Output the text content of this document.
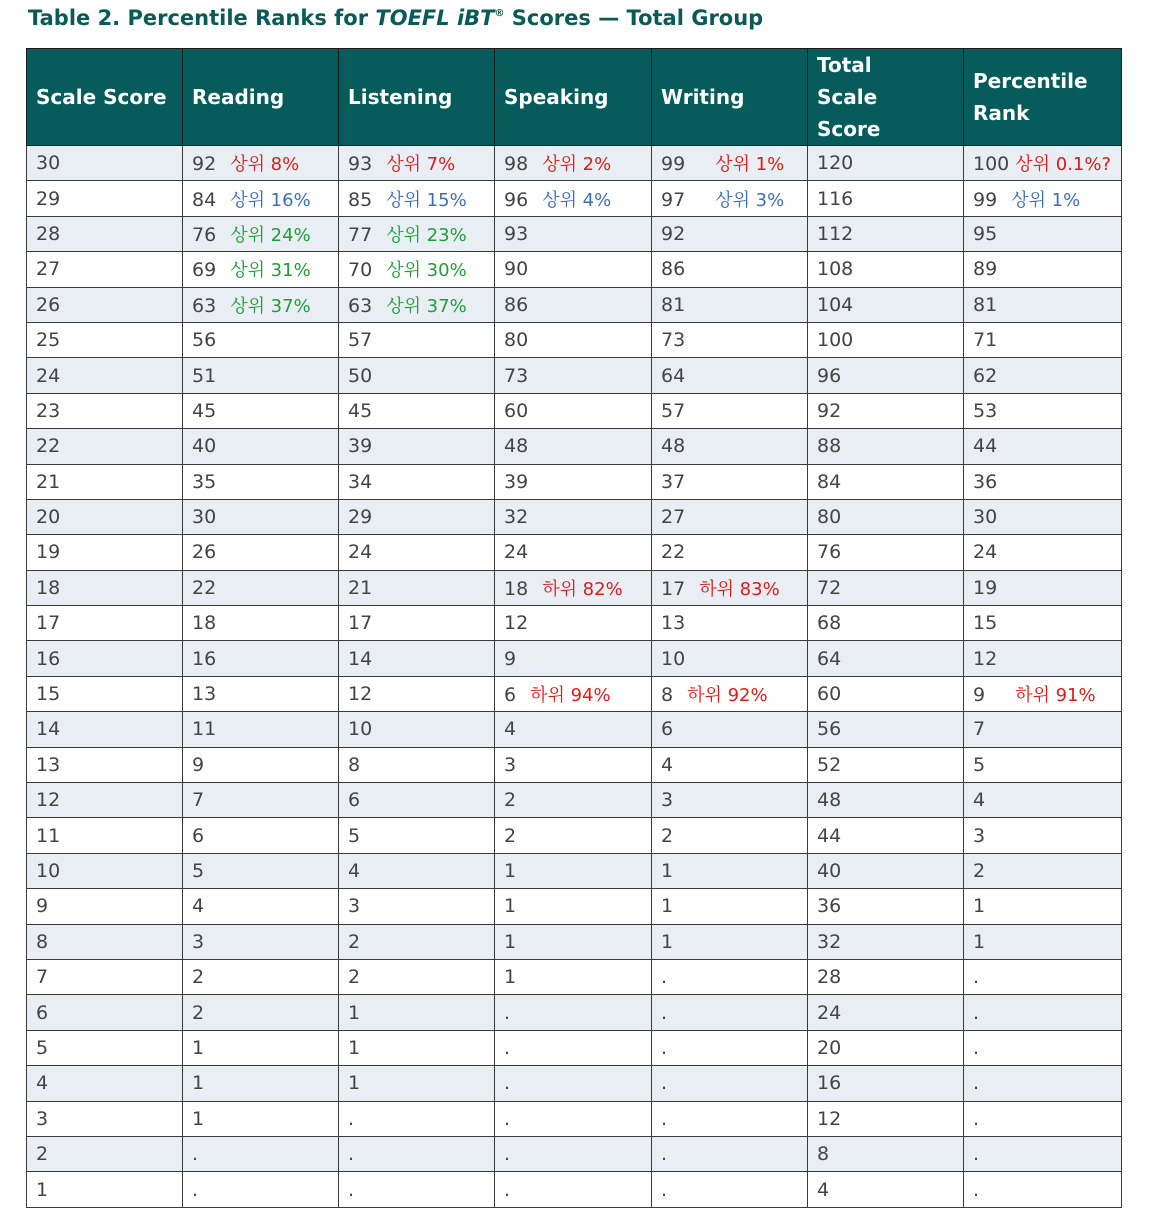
Table 2. Percentile Ranks for TOEFL iBT® Scores — Total Group
Scale Score	Reading	Listening	Speaking	Writing	Total Scale Score	Percentile Rank
30	92 상위 8%	93 상위 7%	98 상위 2%	99 상위 1%	120	100 상위 0.1%?
29	84 상위 16%	85 상위 15%	96 상위 4%	97 상위 3%	116	99 상위 1%
28	76 상위 24%	77 상위 23%	93	92	112	95
27	69 상위 31%	70 상위 30%	90	86	108	89
26	63 상위 37%	63 상위 37%	86	81	104	81
25	56	57	80	73	100	71
24	51	50	73	64	96	62
23	45	45	60	57	92	53
22	40	39	48	48	88	44
21	35	34	39	37	84	36
20	30	29	32	27	80	30
19	26	24	24	22	76	24
18	22	21	18 하위 82%	17 하위 83%	72	19
17	18	17	12	13	68	15
16	16	14	9	10	64	12
15	13	12	6 하위 94%	8 하위 92%	60	9 하위 91%
14	11	10	4	6	56	7
13	9	8	3	4	52	5
12	7	6	2	3	48	4
11	6	5	2	2	44	3
10	5	4	1	1	40	2
9	4	3	1	1	36	1
8	3	2	1	1	32	1
7	2	2	1	.	28	.
6	2	1	.	.	24	.
5	1	1	.	.	20	.
4	1	1	.	.	16	.
3	1	.	.	.	12	.
2	.	.	.	.	8	.
1	.	.	.	.	4	.
